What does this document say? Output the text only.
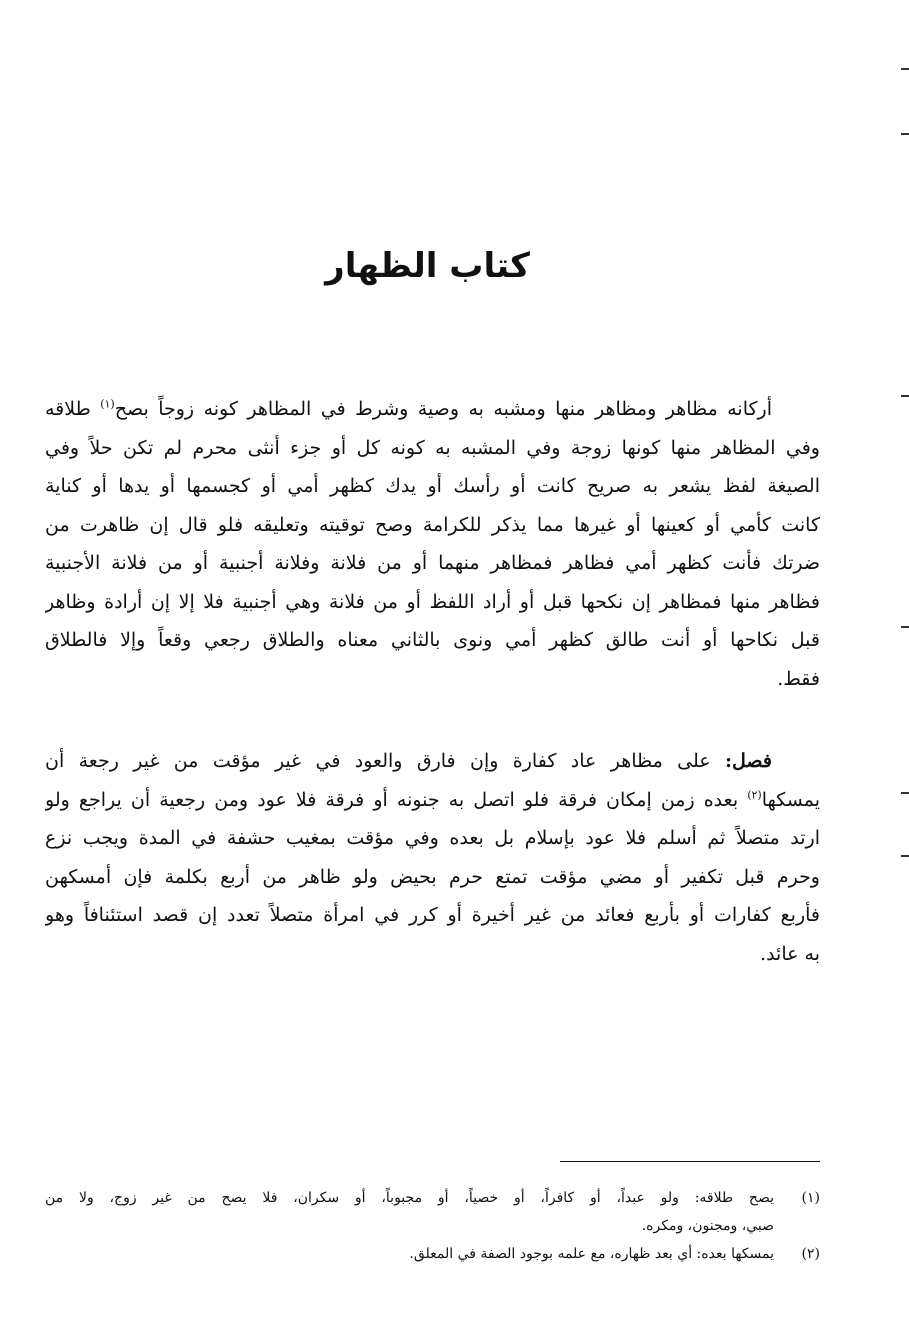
كتاب الظهار
أركانه مظاهر ومظاهر منها ومشبه به وصية وشرط في المظاهر كونه زوجاً بصح$^{(١)}$ طلاقه
وفي المظاهر منها كونها زوجة وفي المشبه به كونه كل أو جزء أنثى محرم لم تكن حلاً وفي
الصيغة لفظ يشعر به صريح كانت أو رأسك أو يدك كظهر أمي أو كجسمها أو يدها أو كناية
كانت كأمي أو كعينها أو غيرها مما يذكر للكرامة وصح توقيته وتعليقه فلو قال إن ظاهرت من
ضرتك فأنت كظهر أمي فظاهر فمظاهر منهما أو من فلانة وفلانة أجنبية أو من فلانة الأجنبية
فظاهر منها فمظاهر إن نكحها قبل أو أراد اللفظ أو من فلانة وهي أجنبية فلا إلا إن أرادة وظاهر
قبل نكاحها أو أنت طالق كظهر أمي ونوى بالثاني معناه والطلاق رجعي وقعاً وإلا فالطلاق
فقط.
فصل: على مظاهر عاد كفارة وإن فارق والعود في غير مؤقت من غير رجعة أن
يمسكها$^{(٢)}$ بعده زمن إمكان فرقة فلو اتصل به جنونه أو فرقة فلا عود ومن رجعية أن يراجع ولو
ارتد متصلاً ثم أسلم فلا عود بإسلام بل بعده وفي مؤقت بمغيب حشفة في المدة ويجب نزع
وحرم قبل تكفير أو مضي مؤقت تمتع حرم بحيض ولو ظاهر من أربع بكلمة فإن أمسكهن
فأربع كفارات أو بأربع فعائد من غير أخيرة أو كرر في امرأة متصلاً تعدد إن قصد استئنافاً وهو
به عائد.
(١)
يصح طلاقه: ولو عبداً، أو كافراً، أو خصياً، أو مجبوباً، أو سكران، فلا يصح من غير زوج، ولا من
صبي، ومجنون، ومكره.
(٢)
يمسكها بعده: أي بعد ظهاره، مع علمه بوجود الصفة في المعلق.
